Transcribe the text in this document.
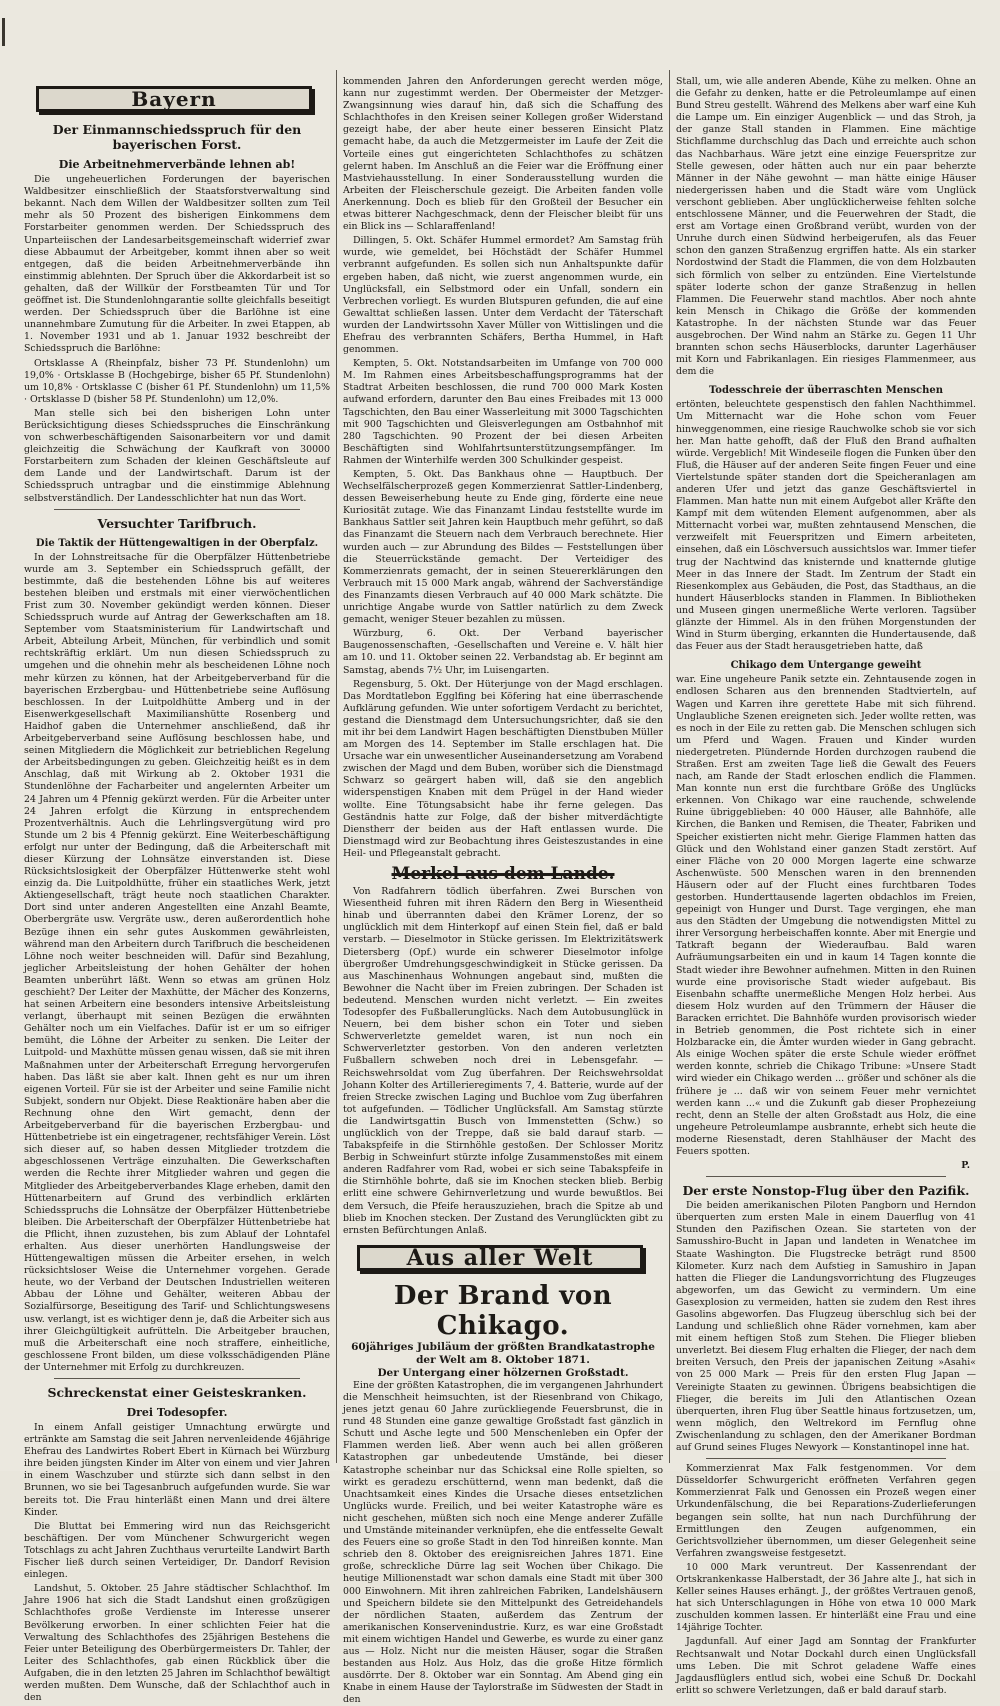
Bayern
Der Einmannschiedsspruch für den bayerischen Forst.
Die Arbeitnehmerverbände lehnen ab!

Die ungeheuerlichen Forderungen der bayerischen Waldbesitzer einschließlich der Staatsforstverwaltung sind bekannt. Nach dem Willen der Waldbesitzer sollten zum Teil mehr als 50 Prozent des bisherigen Einkommens dem Forstarbeiter genommen werden. Der Schiedsspruch des Unparteiischen der Landesarbeitsgemeinschaft widerrief zwar diese Abbaumut der Arbeitgeber, kommt ihnen aber so weit entgegen, daß die beiden Arbeitnehmerverbände ihn einstimmig ablehnten. Der Spruch über die Akkordarbeit ist so gehalten, daß der Willkür der Forstbeamten Tür und Tor geöffnet ist. Die Stundenlohngarantie sollte gleichfalls beseitigt werden. Der Schiedsspruch über die Barlöhne ist eine unannehmbare Zumutung für die Arbeiter. In zwei Etappen, ab 1. November 1931 und ab 1. Januar 1932 beschreibt der Schiedsspruch die Barlöhne:

Ortsklasse A (Rheinpfalz, bisher 73 Pf. Stundenlohn) um 19,0% · Ortsklasse B (Hochgebirge, bisher 65 Pf. Stundenlohn) um 10,8% · Ortsklasse C (bisher 61 Pf. Stundenlohn) um 11,5% · Ortsklasse D (bisher 58 Pf. Stundenlohn) um 12,0%.

Man stelle sich bei den bisherigen Lohn unter Berücksichtigung dieses Schiedsspruches die Einschränkung von schwerbeschäftigenden Saisonarbeitern vor und damit gleichzeitig die Schwächung der Kaufkraft von 30000 Forstarbeitern zum Schaden der kleinen Geschäftsleute auf dem Lande und der Landwirtschaft. Darum ist der Schiedsspruch untragbar und die einstimmige Ablehnung selbstverständlich. Der Landesschlichter hat nun das Wort.

Versuchter Tarifbruch.
Die Taktik der Hüttengewaltigen in der Oberpfalz.

In der Lohnstreitsache für die Oberpfälzer Hüttenbetriebe wurde am 3. September ein Schiedsspruch gefällt, der bestimmte, daß die bestehenden Löhne bis auf weiteres bestehen bleiben und erstmals mit einer vierwöchentlichen Frist zum 30. November gekündigt werden können. Dieser Schiedsspruch wurde auf Antrag der Gewerkschaften am 18. September vom Staatsministerium für Landwirtschaft und Arbeit, Abteilung Arbeit, München, für verbindlich und somit rechtskräftig erklärt. Um nun diesen Schiedsspruch zu umgehen und die ohnehin mehr als bescheidenen Löhne noch mehr kürzen zu können, hat der Arbeitgeberverband für die bayerischen Erzbergbau- und Hüttenbetriebe seine Auflösung beschlossen. In der Luitpoldhütte Amberg und in der Eisenwerkgesellschaft Maximilianshütte Rosenberg und Haidhof gaben die Unternehmer anschließend, daß ihr Arbeitgeberverband seine Auflösung beschlossen habe, und seinen Mitgliedern die Möglichkeit zur betrieblichen Regelung der Arbeitsbedingungen zu geben. Gleichzeitig heißt es in dem Anschlag, daß mit Wirkung ab 2. Oktober 1931 die Stundenlöhne der Facharbeiter und angelernten Arbeiter um 24 Jahren um 4 Pfennig gekürzt werden. Für die Arbeiter unter 24 Jahren erfolgt die Kürzung in entsprechendem Prozentverhältnis. Auch die Lehrlingsvergütung wird pro Stunde um 2 bis 4 Pfennig gekürzt. Eine Weiterbeschäftigung erfolgt nur unter der Bedingung, daß die Arbeiterschaft mit dieser Kürzung der Lohnsätze einverstanden ist. Diese Rücksichtslosigkeit der Oberpfälzer Hüttenwerke steht wohl einzig da. Die Luitpoldhütte, früher ein staatliches Werk, jetzt Aktiengesellschaft, trägt heute noch staatlichen Charakter. Dort sind unter anderen Angestellten eine Anzahl Beamte, Oberbergräte usw. Vergräte usw., deren außerordentlich hohe Bezüge ihnen ein sehr gutes Auskommen gewährleisten, während man den Arbeitern durch Tarifbruch die bescheidenen Löhne noch weiter beschneiden will. Dafür sind Bezahlung, jeglicher Arbeitsleistung der hohen Gehälter der hohen Beamten unberührt läßt. Wenn so etwas am grünen Holz geschieht? Der Leiter der Maxhütte, der Mächer des Konzerns, hat seinen Arbeitern eine besonders intensive Arbeitsleistung verlangt, überhaupt mit seinen Bezügen die erwähnten Gehälter noch um ein Vielfaches. Dafür ist er um so eifriger bemüht, die Löhne der Arbeiter zu senken. Die Leiter der Luitpold- und Maxhütte müssen genau wissen, daß sie mit ihren Maßnahmen unter der Arbeiterschaft Erregung hervorgerufen haben. Das läßt sie aber kalt. Ihnen geht es nur um ihren eigenen Vorteil. Für sie ist der Arbeiter und seine Familie nicht Subjekt, sondern nur Objekt. Diese Reaktionäre haben aber die Rechnung ohne den Wirt gemacht, denn der Arbeitgeberverband für die bayerischen Erzbergbau- und Hüttenbetriebe ist ein eingetragener, rechtsfähiger Verein. Löst sich dieser auf, so haben dessen Mitglieder trotzdem die abgeschlossenen Verträge einzuhalten. Die Gewerkschaften werden die Rechte ihrer Mitglieder wahren und gegen die Mitglieder des Arbeitgeberverbandes Klage erheben, damit den Hüttenarbeitern auf Grund des verbindlich erklärten Schiedsspruchs die Lohnsätze der Oberpfälzer Hüttenbetriebe bleiben. Die Arbeiterschaft der Oberpfälzer Hüttenbetriebe hat die Pflicht, ihnen zuzustehen, bis zum Ablauf der Lohntafel erhalten. Aus dieser unerhörten Handlungsweise der Hüttengewaltigen müssen die Arbeiter ersehen, in welch rücksichtsloser Weise die Unternehmer vorgehen. Gerade heute, wo der Verband der Deutschen Industriellen weiteren Abbau der Löhne und Gehälter, weiteren Abbau der Sozialfürsorge, Beseitigung des Tarif- und Schlichtungswesens usw. verlangt, ist es wichtiger denn je, daß die Arbeiter sich aus ihrer Gleichgültigkeit aufrütteln. Die Arbeitgeber brauchen, muß die Arbeiterschaft eine noch straffere, einheitliche, geschlossene Front bilden, um diese volksschädigenden Pläne der Unternehmer mit Erfolg zu durchkreuzen.

Schreckenstat einer Geisteskranken.
Drei Todesopfer.

In einem Anfall geistiger Umnachtung erwürgte und ertränkte am Samstag die seit Jahren nervenleidende 46jährige Ehefrau des Landwirtes Robert Ebert in Kürnach bei Würzburg ihre beiden jüngsten Kinder im Alter von einem und vier Jahren in einem Waschzuber und stürzte sich dann selbst in den Brunnen, wo sie bei Tagesanbruch aufgefunden wurde. Sie war bereits tot. Die Frau hinterläßt einen Mann und drei ältere Kinder.

Die Bluttat bei Emmering wird nun das Reichsgericht beschäftigen. Der vom Münchener Schwurgericht wegen Totschlags zu acht Jahren Zuchthaus verurteilte Landwirt Barth Fischer ließ durch seinen Verteidiger, Dr. Dandorf Revision einlegen.

Landshut, 5. Oktober. 25 Jahre städtischer Schlachthof. Im Jahre 1906 hat sich die Stadt Landshut einen großzügigen Schlachthofes große Verdienste im Interesse unserer Bevölkerung erworben. In einer schlichten Feier hat die Verwaltung des Schlachthofes des 25jährigen Bestehens die Feier unter Beteiligung des Oberbürgermeisters Dr. Tahler, der Leiter des Schlachthofes, gab einen Rückblick über die Aufgaben, die in den letzten 25 Jahren im Schlachthof bewältigt werden mußten. Dem Wunsche, daß der Schlachthof auch in den

kommenden Jahren den Anforderungen gerecht werden möge, kann nur zugestimmt werden. Der Obermeister der Metzger-Zwangsinnung wies darauf hin, daß sich die Schaffung des Schlachthofes in den Kreisen seiner Kollegen großer Widerstand gezeigt habe, der aber heute einer besseren Einsicht Platz gemacht habe, da auch die Metzgermeister im Laufe der Zeit die Vorteile eines gut eingerichteten Schlachthofes zu schätzen gelernt haben. Im Anschluß an die Feier war die Eröffnung einer Mastviehausstellung. In einer Sonderausstellung wurden die Arbeiten der Fleischerschule gezeigt. Die Arbeiten fanden volle Anerkennung. Doch es blieb für den Großteil der Besucher ein etwas bitterer Nachgeschmack, denn der Fleischer bleibt für uns ein Blick ins — Schlaraffenland!

Dillingen, 5. Okt. Schäfer Hummel ermordet? Am Samstag früh wurde, wie gemeldet, bei Höchstädt der Schäfer Hummel verbrannt aufgefunden. Es sollen sich nun Anhaltspunkte dafür ergeben haben, daß nicht, wie zuerst angenommen wurde, ein Unglücksfall, ein Selbstmord oder ein Unfall, sondern ein Verbrechen vorliegt. Es wurden Blutspuren gefunden, die auf eine Gewalttat schließen lassen. Unter dem Verdacht der Täterschaft wurden der Landwirtssohn Xaver Müller von Wittislingen und die Ehefrau des verbrannten Schäfers, Bertha Hummel, in Haft genommen.

Kempten, 5. Okt. Notstandsarbeiten im Umfange von 700 000 M. Im Rahmen eines Arbeitsbeschaffungsprogramms hat der Stadtrat Arbeiten beschlossen, die rund 700 000 Mark Kosten aufwand erfordern, darunter den Bau eines Freibades mit 13 000 Tagschichten, den Bau einer Wasserleitung mit 3000 Tagschichten mit 900 Tagschichten und Gleisverlegungen am Ostbahnhof mit 280 Tagschichten. 90 Prozent der bei diesen Arbeiten Beschäftigten sind Wohlfahrtsunterstützungsempfänger. Im Rahmen der Winterhilfe werden 300 Schulkinder gespeist.

Kempten, 5. Okt. Das Bankhaus ohne — Hauptbuch. Der Wechselfälscherprozeß gegen Kommerzienrat Sattler-Lindenberg, dessen Beweiserhebung heute zu Ende ging, förderte eine neue Kuriosität zutage. Wie das Finanzamt Lindau feststellte wurde im Bankhaus Sattler seit Jahren kein Hauptbuch mehr geführt, so daß das Finanzamt die Steuern nach dem Verbrauch berechnete. Hier wurden auch — zur Abrundung des Bildes — Feststellungen über die Steuerrückstände gemacht. Der Verteidiger des Kommerzienrats gemacht, der in seinen Steuererklärungen den Verbrauch mit 15 000 Mark angab, während der Sachverständige des Finanzamts diesen Verbrauch auf 40 000 Mark schätzte. Die unrichtige Angabe wurde von Sattler natürlich zu dem Zweck gemacht, weniger Steuer bezahlen zu müssen.

Würzburg, 6. Okt. Der Verband bayerischer Baugenossenschaften, -Gesellschaften und Vereine e. V. hält hier am 10. und 11. Oktober seinen 22. Verbandstag ab. Er beginnt am Samstag, abends 7½ Uhr, im Luisengarten.

Regensburg, 5. Okt. Der Hüterjunge von der Magd erschlagen. Das Mordtatlebon Egglfing bei Köfering hat eine überraschende Aufklärung gefunden. Wie unter sofortigem Verdacht zu berichtet, gestand die Dienstmagd dem Untersuchungsrichter, daß sie den mit ihr bei dem Landwirt Hagen beschäftigten Dienstbuben Müller am Morgen des 14. September im Stalle erschlagen hat. Die Ursache war ein unwesentlicher Auseinandersetzung am Vorabend zwischen der Magd und dem Buben, worüber sich die Dienstmagd Schwarz so geärgert haben will, daß sie den angeblich widerspenstigen Knaben mit dem Prügel in der Hand wieder wollte. Eine Tötungsabsicht habe ihr ferne gelegen. Das Geständnis hatte zur Folge, daß der bisher mitverdächtigte Dienstherr der beiden aus der Haft entlassen wurde. Die Dienstmagd wird zur Beobachtung ihres Geisteszustandes in eine Heil- und Pflegeanstalt gebracht.

Merkel aus dem Lande.

Von Radfahrern tödlich überfahren. Zwei Burschen von Wiesentheid fuhren mit ihren Rädern den Berg in Wiesentheid hinab und überrannten dabei den Krämer Lorenz, der so unglücklich mit dem Hinterkopf auf einen Stein fiel, daß er bald verstarb. — Dieselmotor in Stücke gerissen. Im Elektrizitätswerk Dietersberg (Opf.) wurde ein schwerer Dieselmotor infolge übergroßer Umdrehungsgeschwindigkeit in Stücke gerissen. Da aus Maschinenhaus Wohnungen angebaut sind, mußten die Bewohner die Nacht über im Freien zubringen. Der Schaden ist bedeutend. Menschen wurden nicht verletzt. — Ein zweites Todesopfer des Fußballerunglücks. Nach dem Autobusunglück in Neuern, bei dem bisher schon ein Toter und sieben Schwerverletzte gemeldet waren, ist nun noch ein Schwerverletzter gestorben. Von den anderen verletzten Fußballern schweben noch drei in Lebensgefahr. — Reichswehrsoldat vom Zug überfahren. Der Reichswehrsoldat Johann Kolter des Artillerieregiments 7, 4. Batterie, wurde auf der freien Strecke zwischen Laging und Buchloe vom Zug überfahren tot aufgefunden. — Tödlicher Unglücksfall. Am Samstag stürzte die Landwirtsgattin Busch von Immenstetten (Schw.) so unglücklich von der Treppe, daß sie bald darauf starb. — Tabakspfeife in die Stirnhöhle gestoßen. Der Schlosser Moritz Berbig in Schweinfurt stürzte infolge Zusammenstoßes mit einem anderen Radfahrer vom Rad, wobei er sich seine Tabakspfeife in die Stirnhöhle bohrte, daß sie im Knochen stecken blieb. Berbig erlitt eine schwere Gehirnverletzung und wurde bewußtlos. Bei dem Versuch, die Pfeife herauszuziehen, brach die Spitze ab und blieb im Knochen stecken. Der Zustand des Verunglückten gibt zu ernsten Befürchtungen Anlaß.

Aus aller Welt
Der Brand von Chikago.
60jähriges Jubiläum der größten Brandkatastrophe der Welt am 8. Oktober 1871.
Der Untergang einer hölzernen Großstadt.

Eine der größten Katastrophen, die im vergangenen Jahrhundert die Menschheit heimsuchten, ist der Riesenbrand von Chikago, jenes jetzt genau 60 Jahre zurückliegende Feuersbrunst, die in rund 48 Stunden eine ganze gewaltige Großstadt fast gänzlich in Schutt und Asche legte und 500 Menschenleben ein Opfer der Flammen werden ließ. Aber wenn auch bei allen größeren Katastrophen gar unbedeutende Umstände, bei dieser Katastrophe scheinbar nur das Schicksal eine Rolle spielten, so wirkt es geradezu erschütternd, wenn man bedenkt, daß die Unachtsamkeit eines Kindes die Ursache dieses entsetzlichen Unglücks wurde. Freilich, und bei weiter Katastrophe wäre es nicht geschehen, müßten sich noch eine Menge anderer Zufälle und Umstände miteinander verknüpfen, ehe die entfesselte Gewalt des Feuers eine so große Stadt in den Tod hinreißen konnte. Man schrieb den 8. Oktober des ereignisreichen Jahres 1871. Eine große, schreckliche Dürre lag seit Wochen über Chikago. Die heutige Millionenstadt war schon damals eine Stadt mit über 300 000 Einwohnern. Mit ihren zahlreichen Fabriken, Landelshäusern und Speichern bildete sie den Mittelpunkt des Getreidehandels der nördlichen Staaten, außerdem das Zentrum der amerikanischen Konservenindustrie. Kurz, es war eine Großstadt mit einem wichtigen Handel und Gewerbe, es wurde zu einer ganz aus — Holz. Nicht nur die meisten Häuser, sogar die Straßen bestanden aus Holz. Aus Holz, das die große Hitze förmlich ausdörrte. Der 8. Oktober war ein Sonntag. Am Abend ging ein Knabe in einem Hause der Taylorstraße im Südwesten der Stadt in den

Stall, um, wie alle anderen Abende, Kühe zu melken. Ohne an die Gefahr zu denken, hatte er die Petroleumlampe auf einen Bund Streu gestellt. Während des Melkens aber warf eine Kuh die Lampe um. Ein einziger Augenblick — und das Stroh, ja der ganze Stall standen in Flammen. Eine mächtige Stichflamme durchschlug das Dach und erreichte auch schon das Nachbarhaus. Wäre jetzt eine einzige Feuerspritze zur Stelle gewesen, oder hätten auch nur ein paar beherzte Männer in der Nähe gewohnt — man hätte einige Häuser niedergerissen haben und die Stadt wäre vom Unglück verschont geblieben. Aber unglücklicherweise fehlten solche entschlossene Männer, und die Feuerwehren der Stadt, die erst am Vortage einen Großbrand verübt, wurden von der Unruhe durch einen Südwind herbeigerufen, als das Feuer schon den ganzen Straßenzug ergriffen hatte. Als ein starker Nordostwind der Stadt die Flammen, die von dem Holzbauten sich förmlich von selber zu entzünden. Eine Viertelstunde später loderte schon der ganze Straßenzug in hellen Flammen. Die Feuerwehr stand machtlos. Aber noch ahnte kein Mensch in Chikago die Größe der kommenden Katastrophe. In der nächsten Stunde war das Feuer ausgebrochen. Der Wind nahm an Stärke zu. Gegen 11 Uhr brannten schon sechs Häuserblocks, darunter Lagerhäuser mit Korn und Fabrikanlagen. Ein riesiges Flammenmeer, aus dem die

Todesschreie der überraschten Menschen

ertönten, beleuchtete gespenstisch den fahlen Nachthimmel. Um Mitternacht war die Hohe schon vom Feuer hinweggenommen, eine riesige Rauchwolke schob sie vor sich her. Man hatte gehofft, daß der Fluß den Brand aufhalten würde. Vergeblich! Mit Windeseile flogen die Funken über den Fluß, die Häuser auf der anderen Seite fingen Feuer und eine Viertelstunde später standen dort die Speicheranlagen am anderen Ufer und jetzt das ganze Geschäftsviertel in Flammen. Man hatte nun mit einem Aufgebot aller Kräfte den Kampf mit dem wütenden Element aufgenommen, aber als Mitternacht vorbei war, mußten zehntausend Menschen, die verzweifelt mit Feuerspritzen und Eimern arbeiteten, einsehen, daß ein Löschversuch aussichtslos war. Immer tiefer trug der Nachtwind das knisternde und knatternde glutige Meer in das Innere der Stadt. Im Zentrum der Stadt ein Riesenkomplex aus Gebäuden, die Post, das Stadthaus, an die hundert Häuserblocks standen in Flammen. In Bibliotheken und Museen gingen unermeßliche Werte verloren. Tagsüber glänzte der Himmel. Als in den frühen Morgenstunden der Wind in Sturm überging, erkannten die Hundertausende, daß das Feuer aus der Stadt herausgetrieben hatte, daß

Chikago dem Untergange geweiht

war. Eine ungeheure Panik setzte ein. Zehntausende zogen in endlosen Scharen aus den brennenden Stadtvierteln, auf Wagen und Karren ihre gerettete Habe mit sich führend. Unglaubliche Szenen ereigneten sich. Jeder wollte retten, was es noch in der Eile zu retten gab. Die Menschen schlugen sich um Pferd und Wagen. Frauen und Kinder wurden niedergetreten. Plündernde Horden durchzogen raubend die Straßen. Erst am zweiten Tage ließ die Gewalt des Feuers nach, am Rande der Stadt erloschen endlich die Flammen. Man konnte nun erst die furchtbare Größe des Unglücks erkennen. Von Chikago war eine rauchende, schwelende Ruine übriggeblieben: 40 000 Häuser, alle Bahnhöfe, alle Kirchen, die Banken und Remisen, die Theater, Fabriken und Speicher existierten nicht mehr. Gierige Flammen hatten das Glück und den Wohlstand einer ganzen Stadt zerstört. Auf einer Fläche von 20 000 Morgen lagerte eine schwarze Aschenwüste. 500 Menschen waren in den brennenden Häusern oder auf der Flucht eines furchtbaren Todes gestorben. Hunderttausende lagerten obdachlos im Freien, gepeinigt von Hunger und Durst. Tage vergingen, ehe man aus den Städten der Umgebung die notwendigsten Mittel zu ihrer Versorgung herbeischaffen konnte. Aber mit Energie und Tatkraft begann der Wiederaufbau. Bald waren Aufräumungsarbeiten ein und in kaum 14 Tagen konnte die Stadt wieder ihre Bewohner aufnehmen. Mitten in den Ruinen wurde eine provisorische Stadt wieder aufgebaut. Bis Eisenbahn schaffte unermeßliche Mengen Holz herbei. Aus diesem Holz wurden auf den Trümmern der Häuser die Baracken errichtet. Die Bahnhöfe wurden provisorisch wieder in Betrieb genommen, die Post richtete sich in einer Holzbaracke ein, die Ämter wurden wieder in Gang gebracht. Als einige Wochen später die erste Schule wieder eröffnet werden konnte, schrieb die Chikago Tribune: »Unsere Stadt wird wieder ein Chikago werden ... größer und schöner als die frühere je ... daß wir von seinem Feuer mehr vernichtet werden kann ...« und die Zukunft gab dieser Prophezeiung recht, denn an Stelle der alten Großstadt aus Holz, die eine ungeheure Petroleumlampe ausbrannte, erhebt sich heute die moderne Riesenstadt, deren Stahlhäuser der Macht des Feuers spotten.

P.
Der erste Nonstop-Flug über den Pazifik.

Die beiden amerikanischen Piloten Pangborn und Herndon überquerten zum ersten Male in einem Dauerflug von 41 Stunden den Pazifischen Ozean. Sie starteten von der Samusshiro-Bucht in Japan und landeten in Wenatchee im Staate Washington. Die Flugstrecke beträgt rund 8500 Kilometer. Kurz nach dem Aufstieg in Samushiro in Japan hatten die Flieger die Landungsvorrichtung des Flugzeuges abgeworfen, um das Gewicht zu vermindern. Um eine Gasexplosion zu vermeiden, hatten sie zudem den Rest ihres Gasolins abgeworfen. Das Flugzeug überschlug sich bei der Landung und schließlich ohne Räder vornehmen, kam aber mit einem heftigen Stoß zum Stehen. Die Flieger blieben unverletzt. Bei diesem Flug erhalten die Flieger, der nach dem breiten Versuch, den Preis der japanischen Zeitung »Asahi« von 25 000 Mark — Preis für den ersten Flug Japan — Vereinigte Staaten zu gewinnen. Übrigens beabsichtigen die Flieger, die bereits im Juli den Atlantischen Ozean überquerten, ihren Flug über Seattle hinaus fortzusetzen, um, wenn möglich, den Weltrekord im Fernflug ohne Zwischenlandung zu schlagen, den der Amerikaner Bordman auf Grund seines Fluges Newyork — Konstantinopel inne hat.

Kommerzienrat Max Falk festgenommen. Vor dem Düsseldorfer Schwurgericht eröffneten Verfahren gegen Kommerzienrat Falk und Genossen ein Prozeß wegen einer Urkundenfälschung, die bei Reparations-Zuderlieferungen begangen sein sollte, hat nun nach Durchführung der Ermittlungen den Zeugen aufgenommen, ein Gerichtsvollzieher übernommen, um dieser Gelegenheit seine Verfahren zwangsweise festgesetzt.

10 000 Mark veruntreut. Der Kassenrendant der Ortskrankenkasse Halberstadt, der 36 Jahre alte J., hat sich in Keller seines Hauses erhängt. J., der größtes Vertrauen genoß, hat sich Unterschlagungen in Höhe von etwa 10 000 Mark zuschulden kommen lassen. Er hinterläßt eine Frau und eine 14jährige Tochter.

Jagdunfall. Auf einer Jagd am Sonntag der Frankfurter Rechtsanwalt und Notar Dockahl durch einen Unglücksfall ums Leben. Die mit Schrot geladene Waffe eines Jagdausflüglers entlud sich, wobei eine Schuß Dr. Dockahl erlitt so schwere Verletzungen, daß er bald darauf starb.
